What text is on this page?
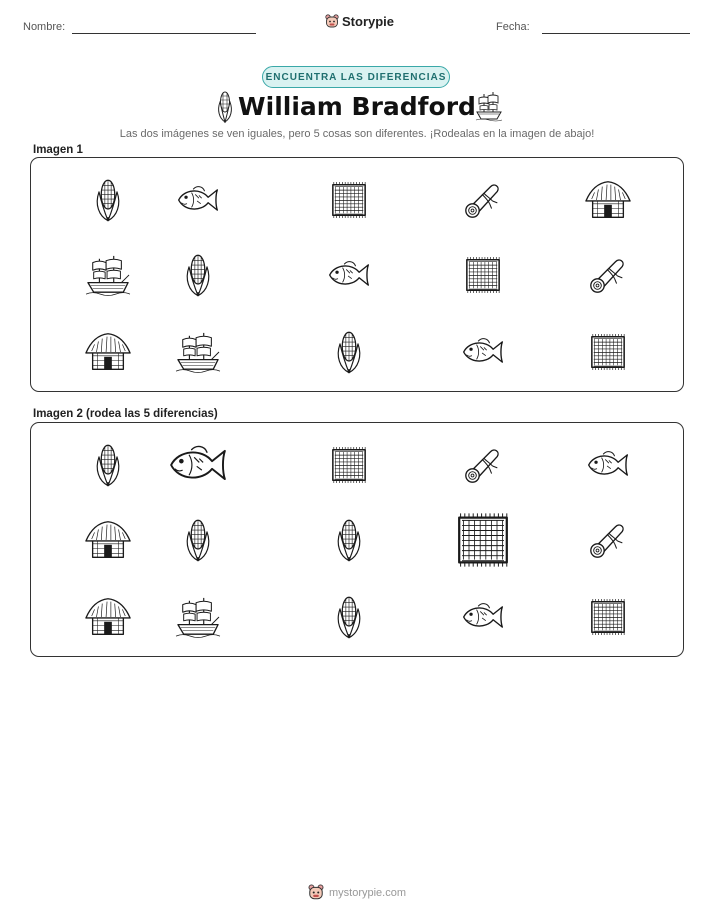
Nombre:	Storypie	Fecha:
ENCUENTRA LAS DIFERENCIAS
William Bradford
Las dos imágenes se ven iguales, pero 5 cosas son diferentes. ¡Rodealas en la imagen de abajo!
Imagen 1
Imagen 2 (rodea las 5 diferencias)
mystorypie.com
